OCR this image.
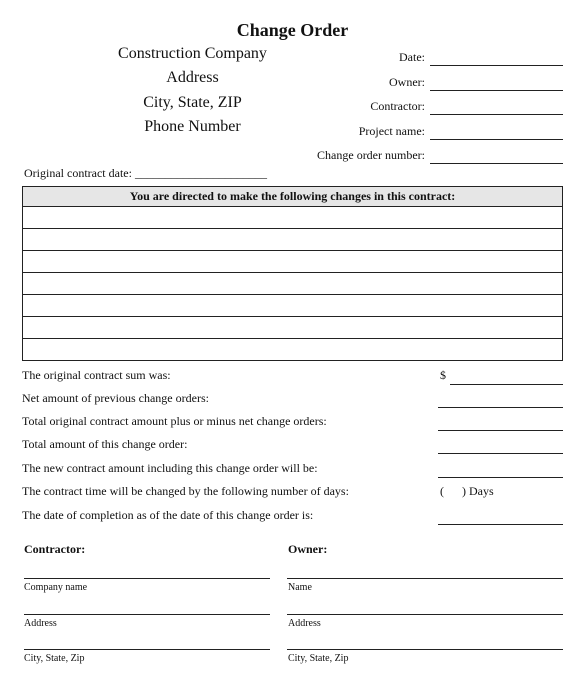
Change Order
Construction Company
Address
City, State, ZIP
Phone Number
Date:
Owner:
Contractor:
Project name:
Change order number:
Original contract date: ______________________
You are directed to make the following changes in this contract:
The original contract sum was:	$
Net amount of previous change orders:
Total original contract amount plus or minus net change orders:
Total amount of this change order:
The new contract amount including this change order will be:
The contract time will be changed by the following number of days:	(      ) Days
The date of completion as of the date of this change order is:
Contractor:
Company name
Address
City, State, Zip
Owner:
Name
Address
City, State, Zip
